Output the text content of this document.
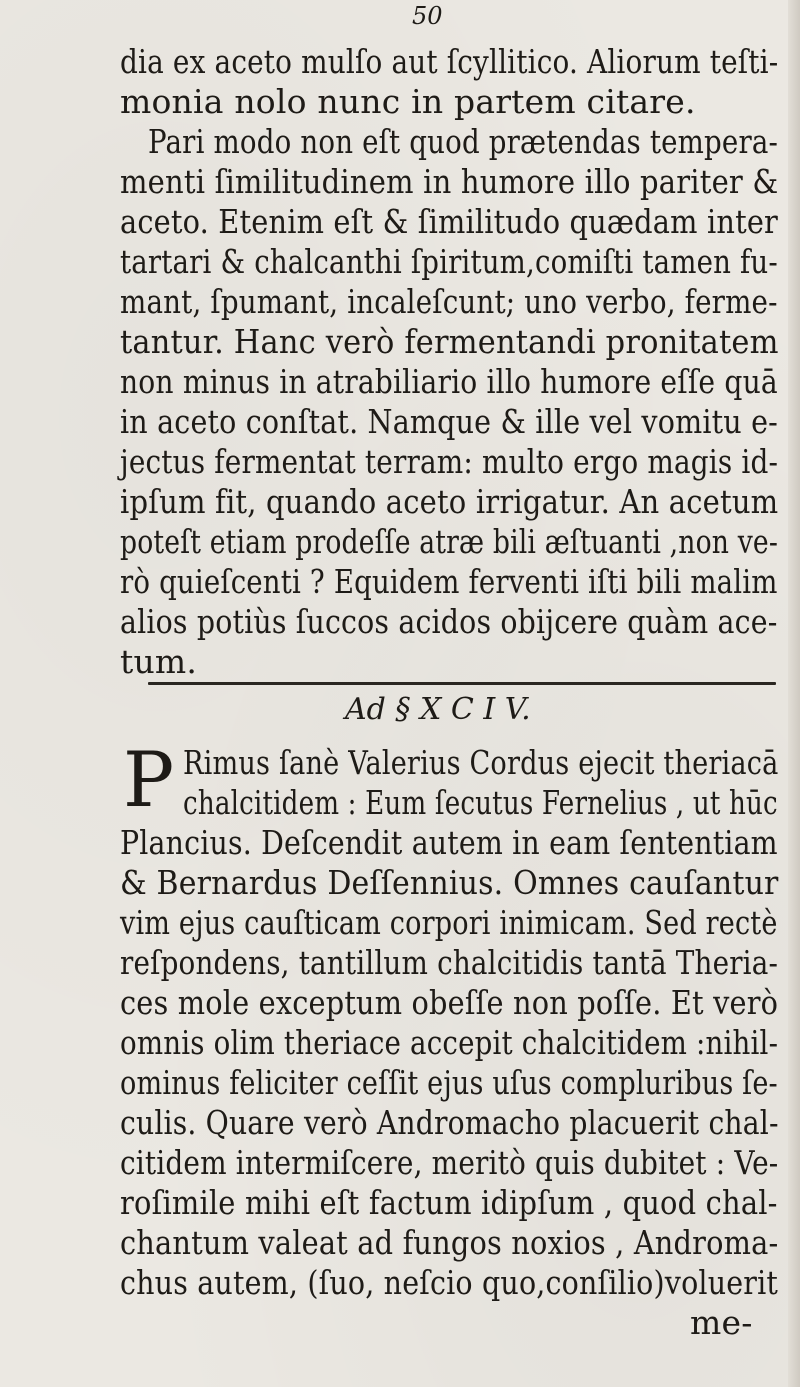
50
dia ex aceto mulſo aut ſcyllitico. Aliorum teſti-
monia nolo nunc in partem citare.
Pari modo non eſt quod prætendas tempera-
menti ſimilitudinem in humore illo pariter &
aceto. Etenim eſt & ſimilitudo quædam inter
tartari & chalcanthi ſpiritum,comiſti tamen fu-
mant, ſpumant, incaleſcunt; uno verbo, ferme-
tantur. Hanc verò fermentandi pronitatem
non minus in atrabiliario illo humore eſſe quā
in aceto conſtat. Namque & ille vel vomitu e-
jectus fermentat terram: multo ergo magis id-
ipſum fit, quando aceto irrigatur. An acetum
poteſt etiam prodeſſe atræ bili æſtuanti ,non ve-
rò quieſcenti ? Equidem ferventi iſti bili malim
alios potiùs ſuccos acidos obijcere quàm ace-
tum.
Ad § X C I V.
P Rimus ſanè Valerius Cordus ejecit theriacā
chalcitidem : Eum ſecutus Fernelius , ut hūc
Plancius. Deſcendit autem in eam ſententiam
& Bernardus Deſſennius. Omnes cauſantur
vim ejus cauſticam corpori inimicam. Sed rectè
reſpondens, tantillum chalcitidis tantā Theria-
ces mole exceptum obeſſe non poſſe. Et verò
omnis olim theriace accepit chalcitidem :nihil-
ominus feliciter ceſſit ejus uſus compluribus ſe-
culis. Quare verò Andromacho placuerit chal-
citidem intermiſcere, meritò quis dubitet : Ve-
roſimile mihi eſt factum idipſum , quod chal-
chantum valeat ad fungos noxios , Androma-
chus autem, (ſuo, neſcio quo,conſilio)voluerit
me-
